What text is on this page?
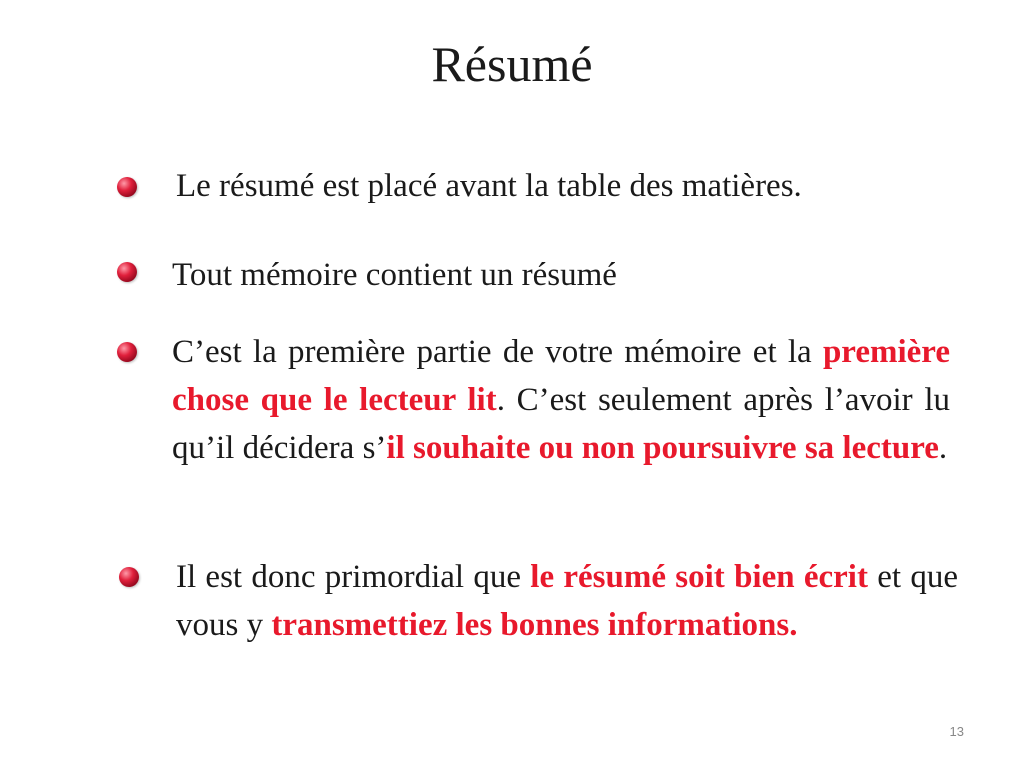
Résumé
Le résumé est placé avant la table des matières.
Tout mémoire contient un résumé
C’est la première partie de votre mémoire et la première chose que le lecteur lit. C’est seulement après l’avoir lu qu’il décidera s’il souhaite ou non poursuivre sa lecture.
Il est donc primordial que le résumé soit bien écrit et que vous y transmettiez les bonnes informations.
13
